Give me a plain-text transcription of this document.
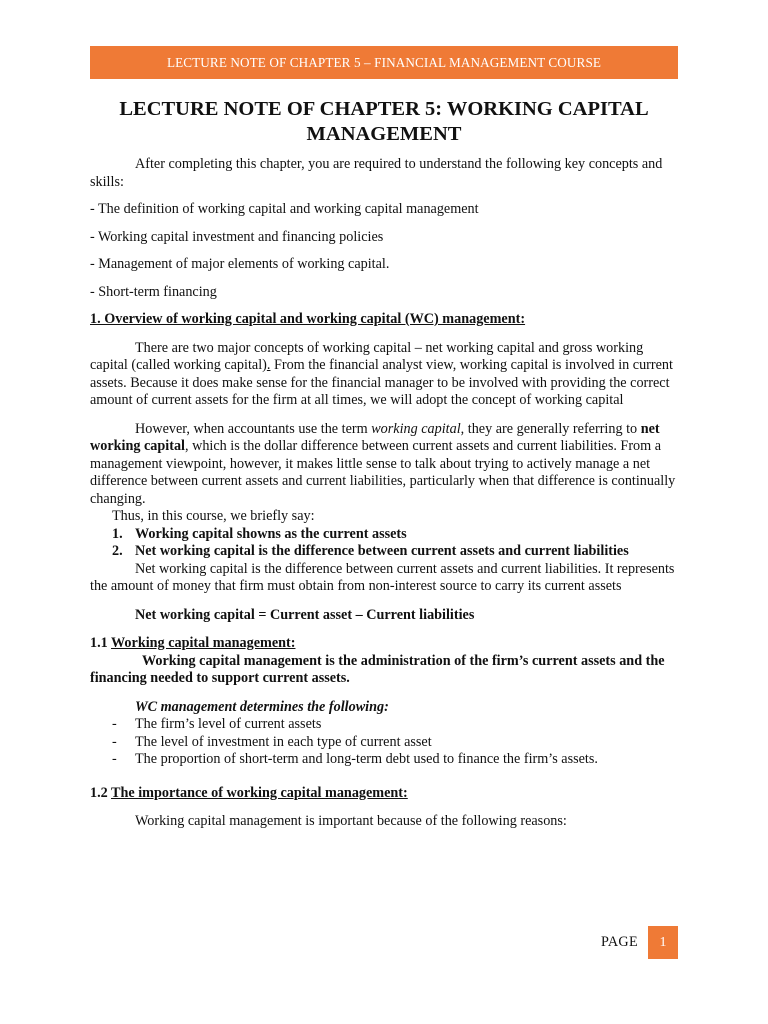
LECTURE NOTE OF CHAPTER 5 – FINANCIAL MANAGEMENT COURSE
LECTURE NOTE OF CHAPTER 5: WORKING CAPITAL
MANAGEMENT

After completing this chapter, you are required to understand the following key concepts and skills:

- The definition of working capital and working capital management

- Working capital investment and financing policies

- Management of major elements of working capital.

- Short-term financing

1. Overview of working capital and working capital (WC) management:

There are two major concepts of working capital – net working capital and gross working capital (called working capital). From the financial analyst view, working capital is involved in current assets. Because it does make sense for the financial manager to be involved with providing the correct amount of current assets for the firm at all times, we will adopt the concept of working capital

However, when accountants use the term working capital, they are generally referring to net working capital, which is the dollar difference between current assets and current liabilities. From a management viewpoint, however, it makes little sense to talk about trying to actively manage a net difference between current assets and current liabilities, particularly when that difference is continually changing.

Thus, in this course, we briefly say:

1. Working capital showns as the current assets
2. Net working capital is the difference between current assets and current liabilities

Net working capital is the difference between current assets and current liabilities. It represents the amount of money that firm must obtain from non-interest source to carry its current assets

Net working capital = Current asset – Current liabilities

1.1 Working capital management:

Working capital management is the administration of the firm’s current assets and the financing needed to support current assets.

WC management determines the following:

- The firm’s level of current assets
- The level of investment in each type of current asset
- The proportion of short-term and long-term debt used to finance the firm’s assets.

1.2 The importance of working capital management:

Working capital management is important because of the following reasons:

PAGE	1
